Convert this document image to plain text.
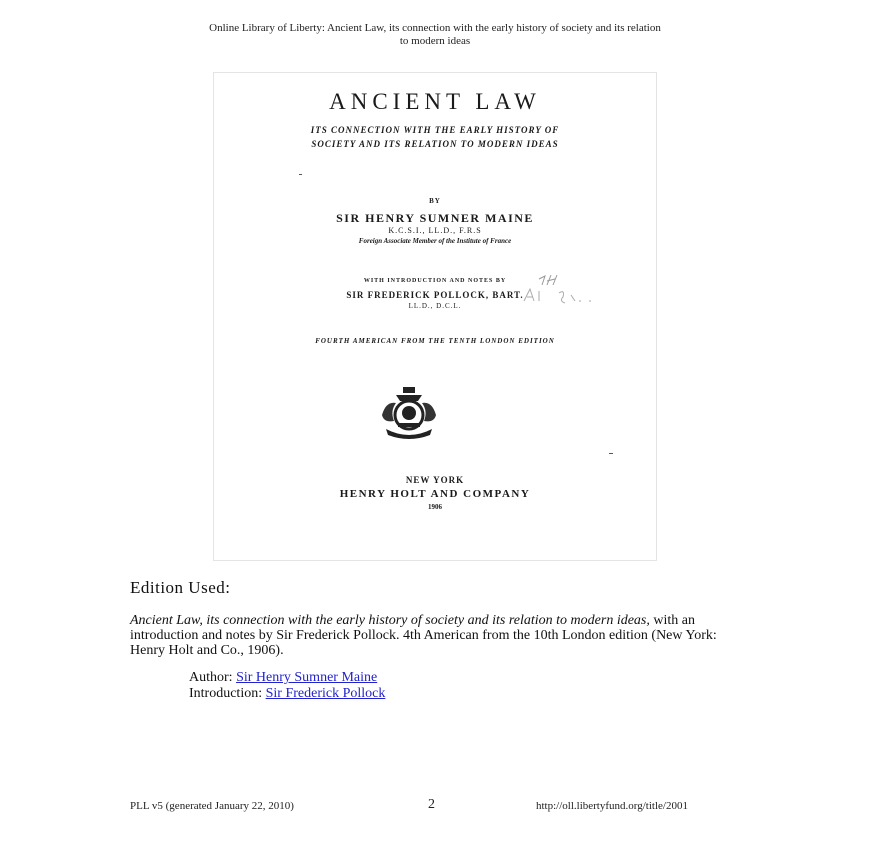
Online Library of Liberty: Ancient Law, its connection with the early history of society and its relation
to modern ideas
ANCIENT LAW
ITS CONNECTION WITH THE EARLY HISTORY OF
SOCIETY AND ITS RELATION TO MODERN IDEAS
BY
SIR HENRY SUMNER MAINE
K.C.S.I., LL.D., F.R.S
Foreign Associate Member of the Institute of France
WITH INTRODUCTION AND NOTES BY
SIR FREDERICK POLLOCK, BART.
LL.D., D.C.L.
FOURTH AMERICAN FROM THE TENTH LONDON EDITION
NEW YORK
HENRY HOLT AND COMPANY
1906
Edition Used:
Ancient Law, its connection with the early history of society and its relation to modern ideas, with an introduction and notes by Sir Frederick Pollock. 4th American from the 10th London edition (New York: Henry Holt and Co., 1906).
Author: Sir Henry Sumner Maine
Introduction: Sir Frederick Pollock
PLL v5 (generated January 22, 2010)	2	http://oll.libertyfund.org/title/2001
